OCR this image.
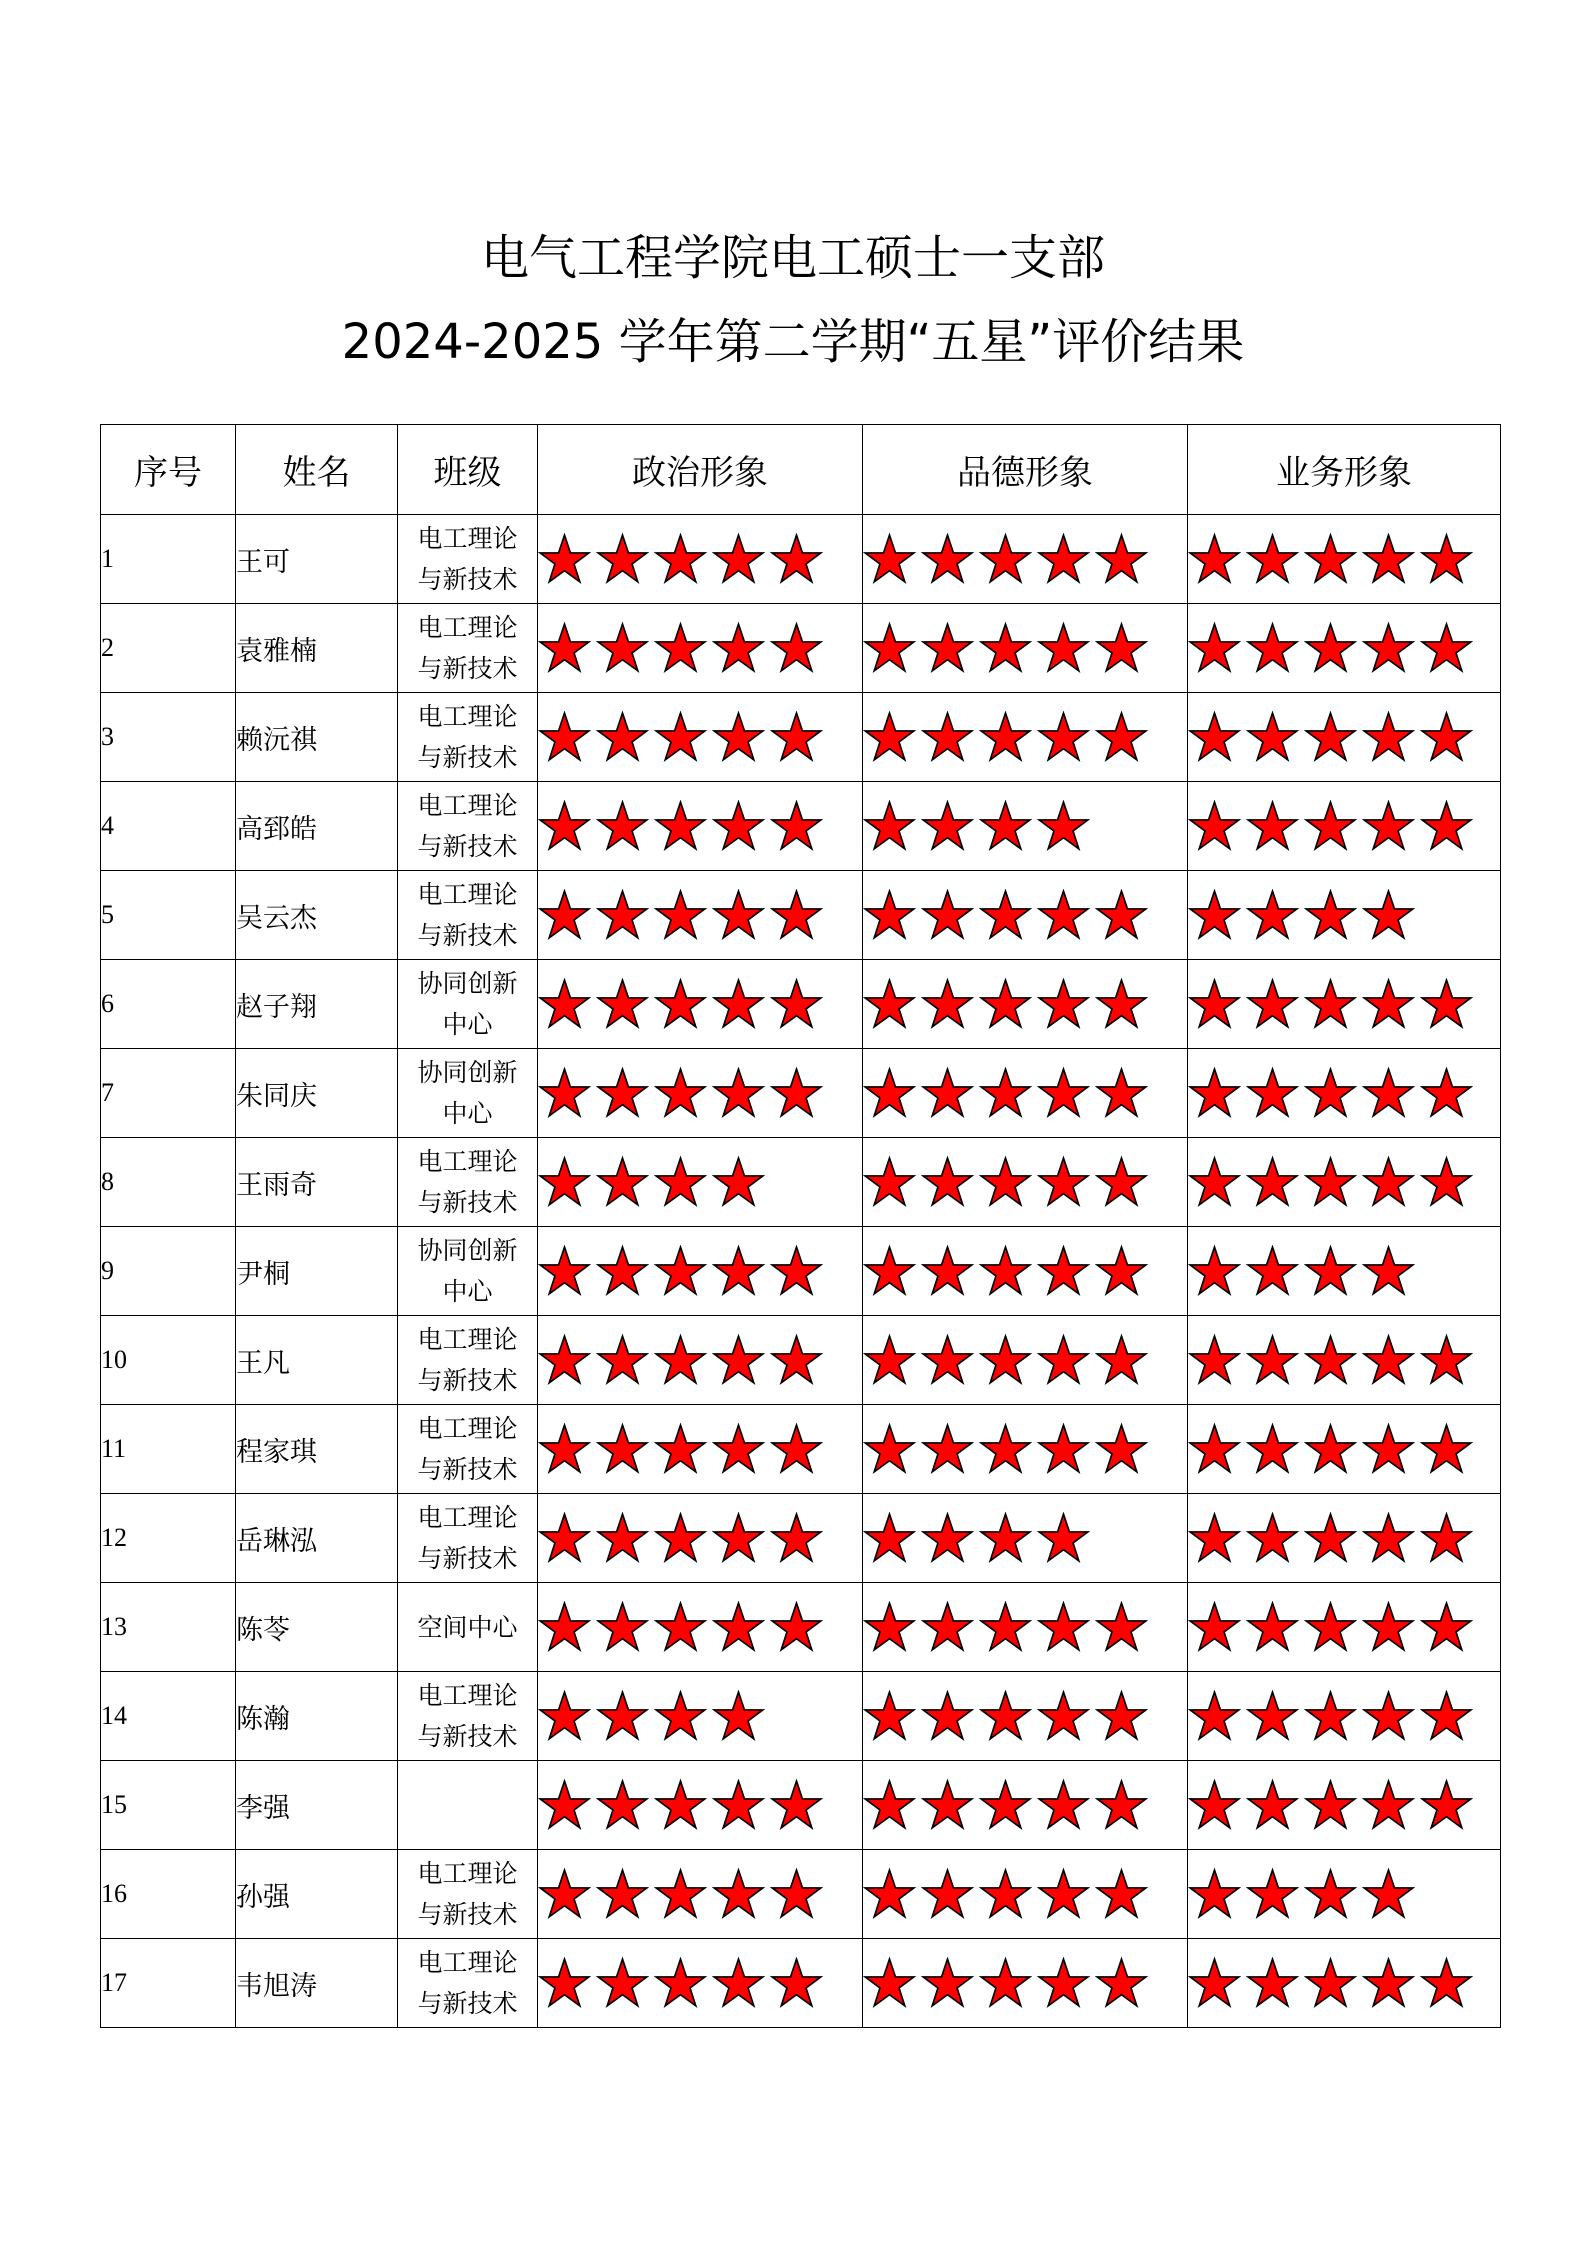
电气工程学院电工硕士一支部
2024-2025 学年第二学期“五星”评价结果
序号	姓名	班级	政治形象	品德形象	业务形象
1	王可	电工理论
与新技术

2	袁雅楠	电工理论
与新技术

3	赖沅祺	电工理论
与新技术

4	高郅皓	电工理论
与新技术

5	吴云杰	电工理论
与新技术

6	赵子翔	协同创新
中心

7	朱同庆	协同创新
中心

8	王雨奇	电工理论
与新技术

9	尹桐	协同创新
中心

10	王凡	电工理论
与新技术

11	程家琪	电工理论
与新技术

12	岳琳泓	电工理论
与新技术

13	陈苓	空间中心

14	陈瀚	电工理论
与新技术

15	李强	

16	孙强	电工理论
与新技术

17	韦旭涛	电工理论
与新技术
